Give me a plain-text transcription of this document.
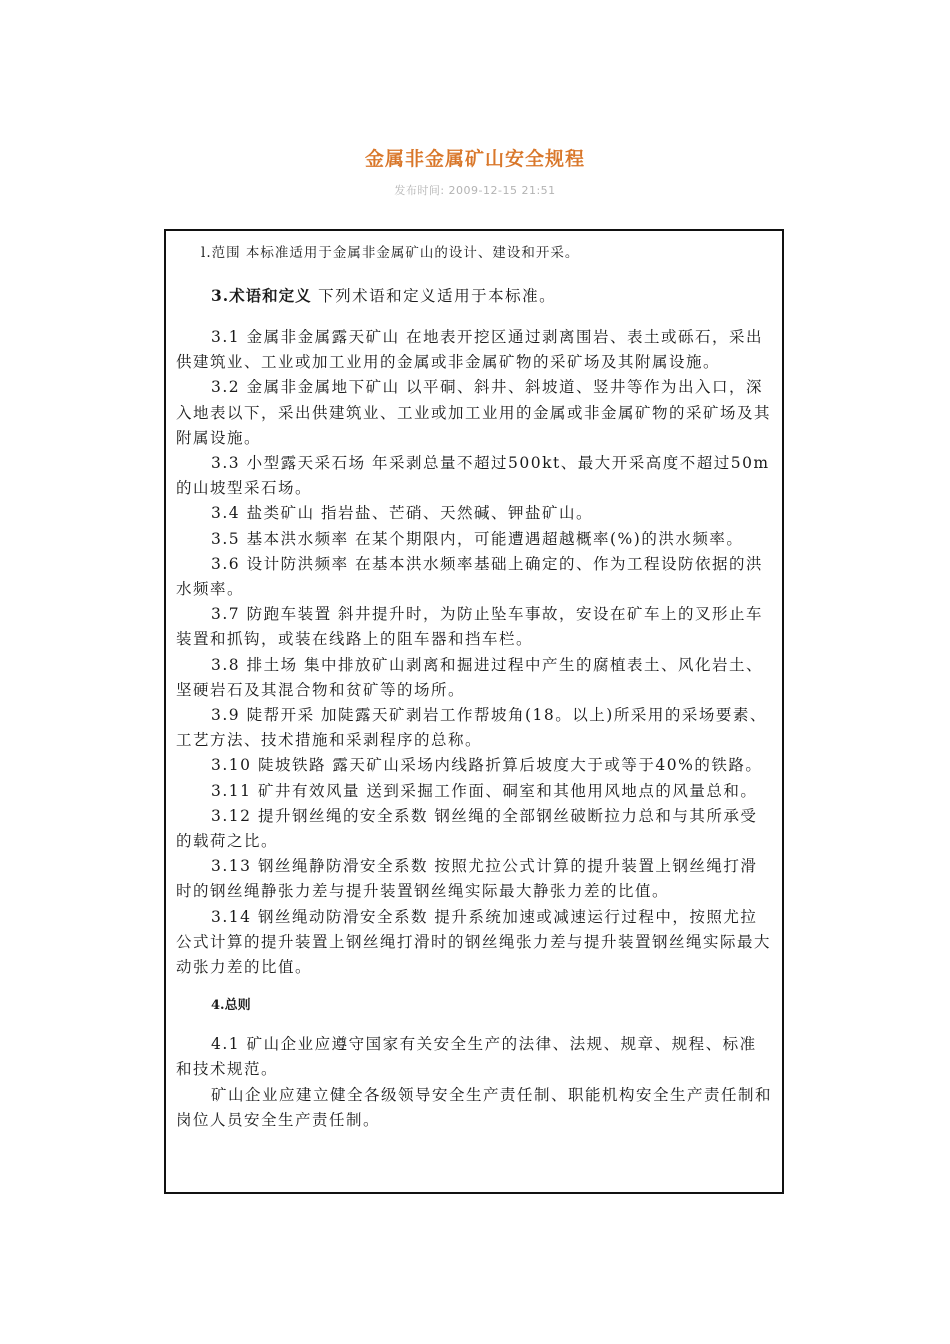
金属非金属矿山安全规程
发布时间: 2009-12-15 21:51

l.范围 本标准适用于金属非金属矿山的设计、建设和开采。

3.术语和定义 下列术语和定义适用于本标准。

3.1 金属非金属露天矿山 在地表开挖区通过剥离围岩、表土或砾石，采出供建筑业、工业或加工业用的金属或非金属矿物的采矿场及其附属设施。

3.2 金属非金属地下矿山 以平硐、斜井、斜坡道、竖井等作为出入口，深入地表以下，采出供建筑业、工业或加工业用的金属或非金属矿物的采矿场及其附属设施。

3.3 小型露天采石场 年采剥总量不超过500kt、最大开采高度不超过50m的山坡型采石场。

3.4 盐类矿山 指岩盐、芒硝、天然碱、钾盐矿山。

3.5 基本洪水频率 在某个期限内，可能遭遇超越概率(%)的洪水频率。

3.6 设计防洪频率 在基本洪水频率基础上确定的、作为工程设防依据的洪水频率。

3.7 防跑车装置 斜井提升时，为防止坠车事故，安设在矿车上的叉形止车装置和抓钩，或装在线路上的阻车器和挡车栏。

3.8 排土场 集中排放矿山剥离和掘进过程中产生的腐植表土、风化岩土、坚硬岩石及其混合物和贫矿等的场所。

3.9 陡帮开采 加陡露天矿剥岩工作帮坡角(18。以上)所采用的采场要素、工艺方法、技术措施和采剥程序的总称。

3.10 陡坡铁路 露天矿山采场内线路折算后坡度大于或等于40%的铁路。

3.11 矿井有效风量 送到采掘工作面、硐室和其他用风地点的风量总和。

3.12 提升钢丝绳的安全系数 钢丝绳的全部钢丝破断拉力总和与其所承受的载荷之比。

3.13 钢丝绳静防滑安全系数 按照尤拉公式计算的提升装置上钢丝绳打滑时的钢丝绳静张力差与提升装置钢丝绳实际最大静张力差的比值。

3.14 钢丝绳动防滑安全系数 提升系统加速或减速运行过程中，按照尤拉公式计算的提升装置上钢丝绳打滑时的钢丝绳张力差与提升装置钢丝绳实际最大动张力差的比值。

4.总则

4.1 矿山企业应遵守国家有关安全生产的法律、法规、规章、规程、标准和技术规范。

矿山企业应建立健全各级领导安全生产责任制、职能机构安全生产责任制和岗位人员安全生产责任制。
